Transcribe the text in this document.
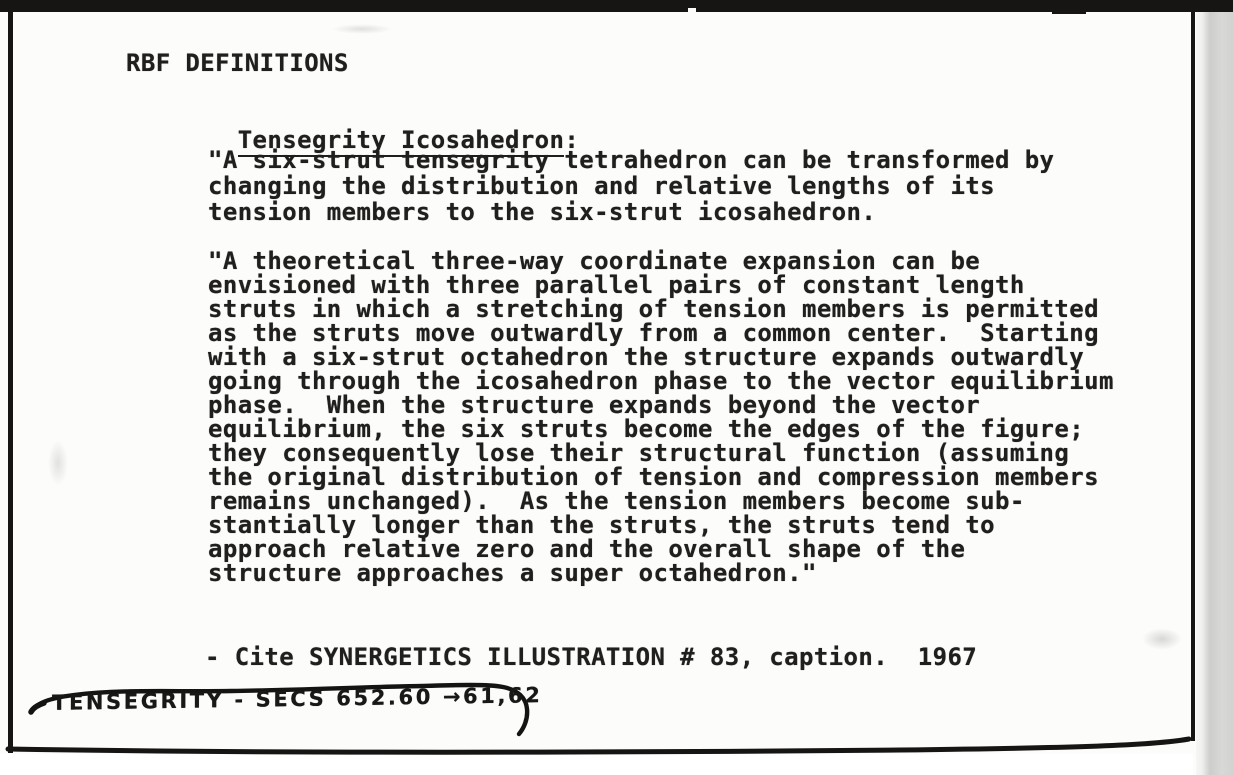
RBF DEFINITIONS

Tensegrity Icosahedron:

"A six-strut tensegrity tetrahedron can be transformed by
changing the distribution and relative lengths of its
tension members to the six-strut icosahedron.
"A theoretical three-way coordinate expansion can be
envisioned with three parallel pairs of constant length
struts in which a stretching of tension members is permitted
as the struts move outwardly from a common center.  Starting
with a six-strut octahedron the structure expands outwardly
going through the icosahedron phase to the vector equilibrium
phase.  When the structure expands beyond the vector
equilibrium, the six struts become the edges of the figure;
they consequently lose their structural function (assuming
the original distribution of tension and compression members
remains unchanged).  As the tension members become sub-
stantially longer than the struts, the struts tend to
approach relative zero and the overall shape of the
structure approaches a super octahedron."
- Cite SYNERGETICS ILLUSTRATION # 83, caption.  1967
TENSEGRITY - SECS 652.60 →61,62
